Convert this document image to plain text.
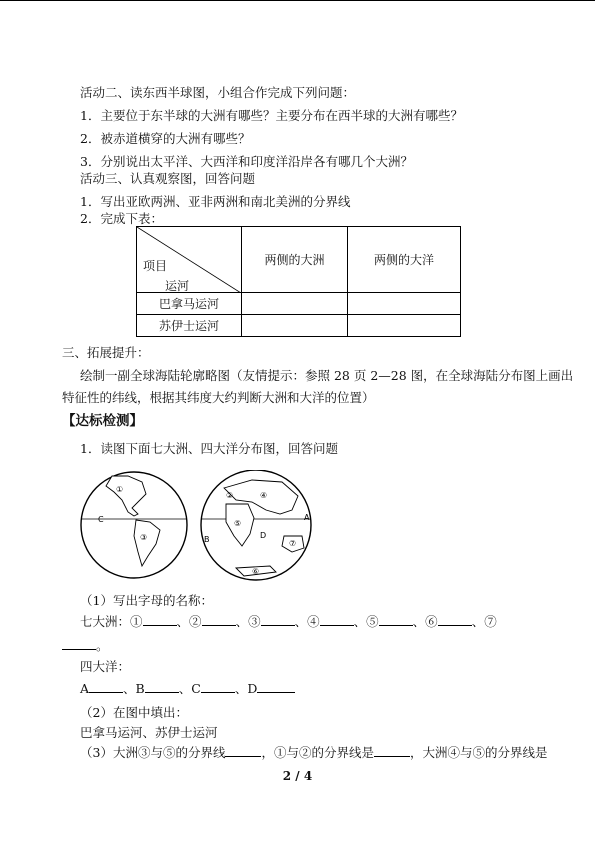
活动二、读东西半球图，小组合作完成下列问题：
1．主要位于东半球的大洲有哪些？主要分布在西半球的大洲有哪些？
2．被赤道横穿的大洲有哪些？
3．分别说出太平洋、大西洋和印度洋沿岸各有哪几个大洲？
活动三、认真观察图，回答问题
1．写出亚欧两洲、亚非两洲和南北美洲的分界线
2．完成下表：
项目
运河	两侧的大洲	两侧的大洋
巴拿马运河		
苏伊士运河		
三、拓展提升：
绘制一副全球海陆轮廓略图（友情提示：参照 28 页 2—28 图，在全球海陆分布图上画出
特征性的纬线，根据其纬度大约判断大洲和大洋的位置）
【达标检测】
1．读图下面七大洲、四大洋分布图，回答问题
①
C
③
②	④
B
⑤
D
⑦
⑥
A
（1）写出字母的名称：
七大洲：①	、②	、③	、④	、⑤	、⑥	、⑦
。
四大洋：
A	、B	、C	、D
（2）在图中填出：
巴拿马运河、苏伊士运河
（3）大洲③与⑤的分界线	，①与②的分界线是	，大洲④与⑤的分界线是
2 / 4
